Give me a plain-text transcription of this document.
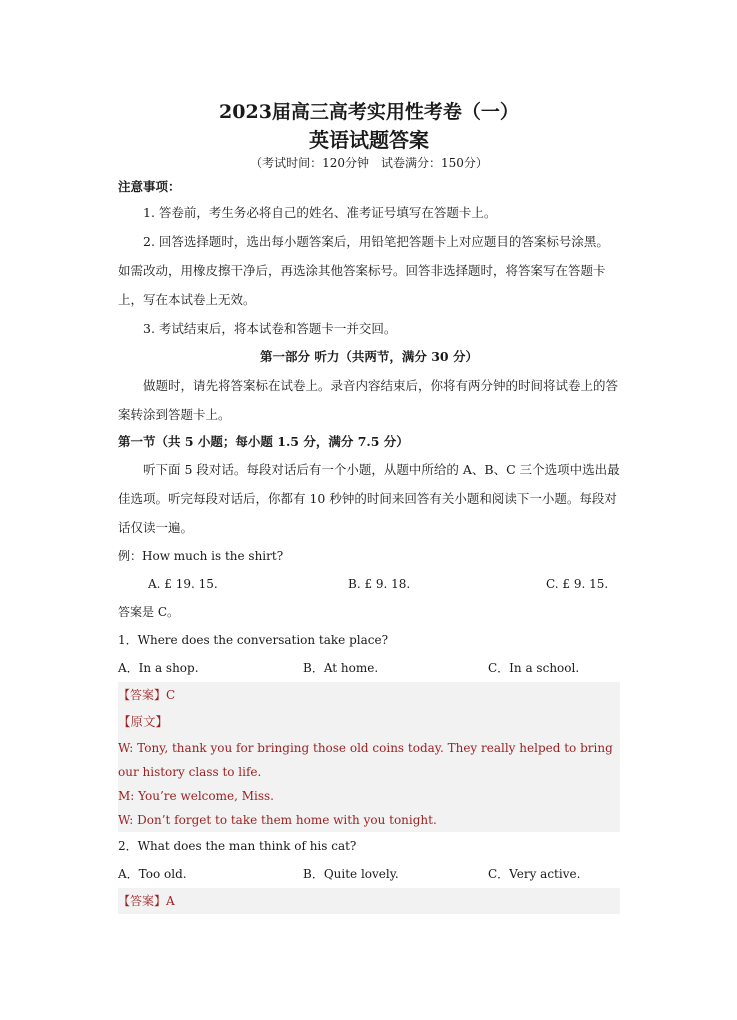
2023届高三高考实用性考卷（一）

英语试题答案

（考试时间：120分钟　试卷满分：150分）

注意事项：

1. 答卷前，考生务必将自己的姓名、准考证号填写在答题卡上。

2. 回答选择题时，选出每小题答案后，用铅笔把答题卡上对应题目的答案标号涂黑。如需改动，用橡皮擦干净后，再选涂其他答案标号。回答非选择题时，将答案写在答题卡上，写在本试卷上无效。

3. 考试结束后，将本试卷和答题卡一并交回。

第一部分 听力（共两节，满分 30 分）

做题时，请先将答案标在试卷上。录音内容结束后，你将有两分钟的时间将试卷上的答案转涂到答题卡上。

第一节（共 5 小题；每小题 1.5 分，满分 7.5 分）

听下面 5 段对话。每段对话后有一个小题，从题中所给的 A、B、C 三个选项中选出最佳选项。听完每段对话后，你都有 10 秒钟的时间来回答有关小题和阅读下一小题。每段对话仅读一遍。

例：How much is the shirt?

A. £ 19. 15.	B. £ 9. 18.	C. £ 9. 15.

答案是 C。

1．Where does the conversation take place?

A．In a shop.	B．At home.	C．In a school.

【答案】C

【原文】

W: Tony, thank you for bringing those old coins today. They really helped to bring our history class to life.

M: You’re welcome, Miss.

W: Don’t forget to take them home with you tonight.

2．What does the man think of his cat?

A．Too old.	B．Quite lovely.	C．Very active.

【答案】A
